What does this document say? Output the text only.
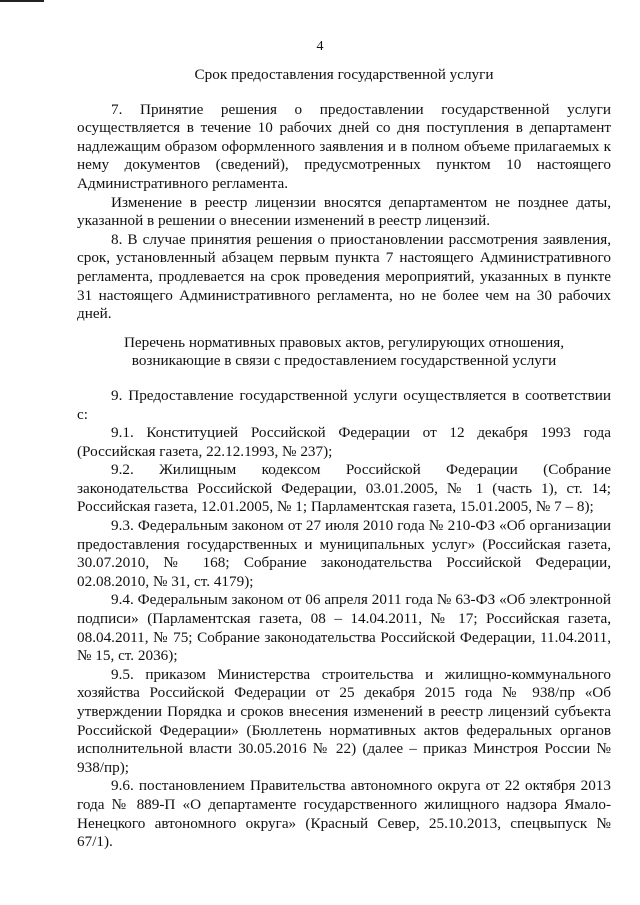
4
Срок предоставления государственной услуги

7. Принятие решения о предоставлении государственной услуги осуществляется в течение 10 рабочих дней со дня поступления в департамент надлежащим образом оформленного заявления и в полном объеме прилагаемых к нему документов (сведений), предусмотренных пунктом 10 настоящего Административного регламента.

Изменение в реестр лицензии вносятся департаментом не позднее даты, указанной в решении о внесении изменений в реестр лицензий.

8. В случае принятия решения о приостановлении рассмотрения заявления, срок, установленный абзацем первым пункта 7 настоящего Административного регламента, продлевается на срок проведения мероприятий, указанных в пункте 31 настоящего Административного регламента, но не более чем на 30 рабочих дней.

Перечень нормативных правовых актов, регулирующих отношения,
возникающие в связи с предоставлением государственной услуги

9. Предоставление государственной услуги осуществляется в соответствии с:

9.1. Конституцией Российской Федерации от 12 декабря 1993 года (Российская газета, 22.12.1993, № 237);

9.2. Жилищным кодексом Российской Федерации (Собрание законодательства Российской Федерации, 03.01.2005, № 1 (часть 1), ст. 14; Российская газета, 12.01.2005, № 1; Парламентская газета, 15.01.2005, № 7 – 8);

9.3. Федеральным законом от 27 июля 2010 года № 210-ФЗ «Об организации предоставления государственных и муниципальных услуг» (Российская газета, 30.07.2010, № 168; Собрание законодательства Российской Федерации, 02.08.2010, № 31, ст. 4179);

9.4. Федеральным законом от 06 апреля 2011 года № 63-ФЗ «Об электронной подписи» (Парламентская газета, 08 – 14.04.2011, № 17; Российская газета, 08.04.2011, № 75; Собрание законодательства Российской Федерации, 11.04.2011, № 15, ст. 2036);

9.5. приказом Министерства строительства и жилищно-коммунального хозяйства Российской Федерации от 25 декабря 2015 года № 938/пр «Об утверждении Порядка и сроков внесения изменений в реестр лицензий субъекта Российской Федерации» (Бюллетень нормативных актов федеральных органов исполнительной власти 30.05.2016 № 22) (далее – приказ Минстроя России № 938/пр);

9.6. постановлением Правительства автономного округа от 22 октября 2013 года № 889-П «О департаменте государственного жилищного надзора Ямало-Ненецкого автономного округа» (Красный Север, 25.10.2013, спецвыпуск № 67/1).
